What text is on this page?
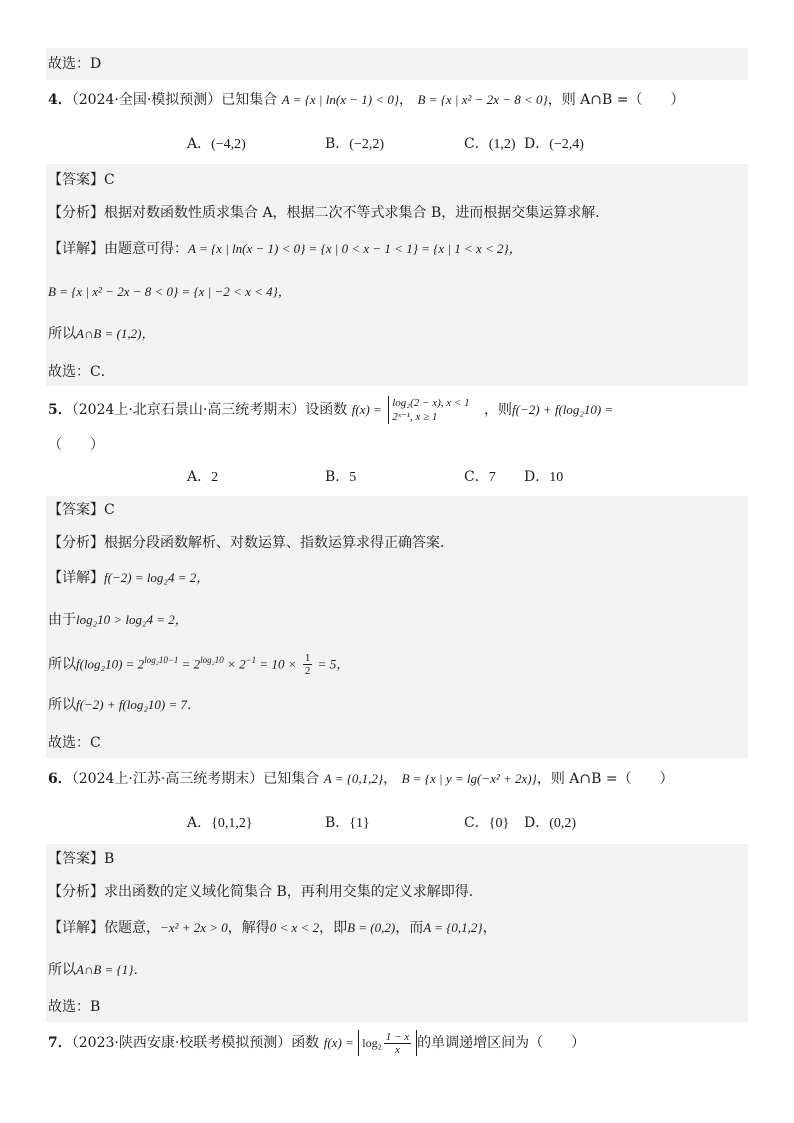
故选：D
4．（2024·全国·模拟预测）已知集合 A = {x | ln(x − 1) < 0}， B = {x | x² − 2x − 8 < 0}，则 A∩B =（　　）
A．(−4,2)	B．(−2,2)	C．(1,2) D．(−2,4)
【答案】C
【分析】根据对数函数性质求集合 A，根据二次不等式求集合 B，进而根据交集运算求解．
【详解】由题意可得：A = {x | ln(x − 1) < 0} = {x | 0 < x − 1 < 1} = {x | 1 < x < 2}，
B = {x | x² − 2x − 8 < 0} = {x | −2 < x < 4}，
所以A∩B = (1,2)，
故选：C．
5．（2024上·北京石景山·高三统考期末）设函数 f(x) = log₂(2 − x), x < 1
2ˣ⁻¹, x ≥ 1	，则f(−2) + f(log₂10) =
（　　）
A．2	B．5	C．7 D．10
【答案】C
【分析】根据分段函数解析、对数运算、指数运算求得正确答案．
【详解】f(−2) = log₂4 = 2，
由于log₂10 > log₂4 = 2，
所以$f(\log_210) = 2^{log_210-1} = 2^{log_210} \times 2^{-1} = 10 \times \frac{1}{2} = 5$，
所以f(−2) + f(log₂10) = 7．
故选：C
6．（2024上·江苏·高三统考期末）已知集合 A = {0,1,2}， B = {x | y = lg(−x² + 2x)}，则 A∩B =（　　）
A．{0,1,2}	B．{1}	C．{0} D．(0,2)
【答案】B
【分析】求出函数的定义域化简集合 B，再利用交集的定义求解即得．
【详解】依题意，−x² + 2x > 0，解得0 < x < 2，即B = (0,2)，而A = {0,1,2}，
所以A∩B = {1}．
故选：B
7．（2023·陕西安康·校联考模拟预测）函数 $f(x) = \log_2 \frac{1 - x}{x}$ 的单调递增区间为（　　）
